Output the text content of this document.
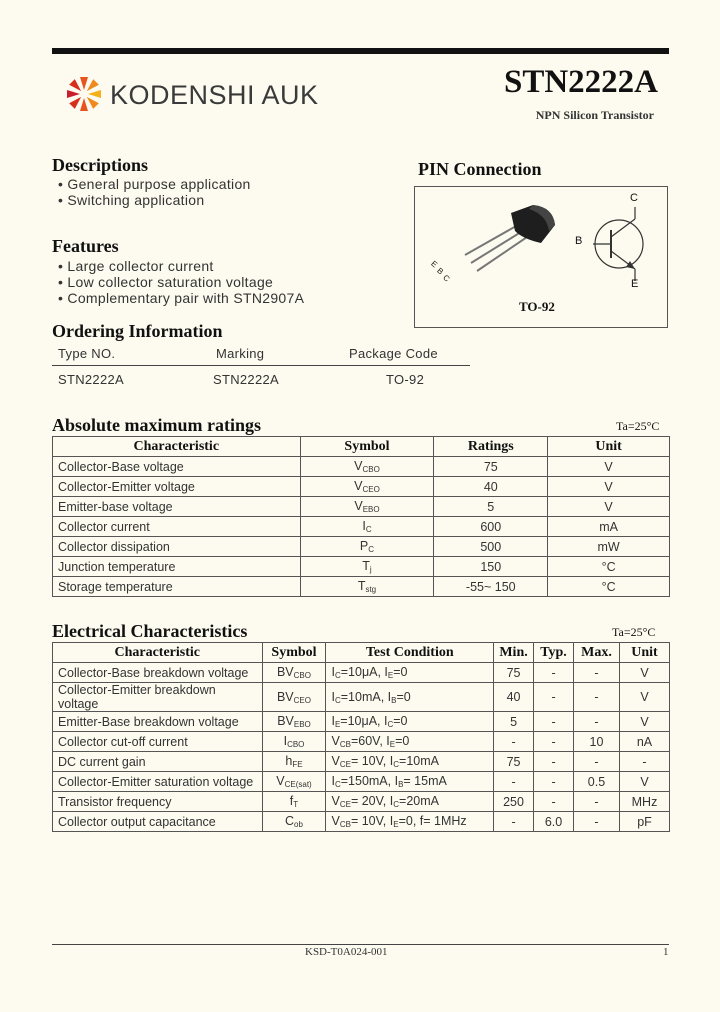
KODENSHI AUK	STN2222A
NPN Silicon Transistor
Descriptions
• General purpose application
• Switching application
Features
• Large collector current
• Low collector saturation voltage
• Complementary pair with STN2907A
PIN Connection
E
B
C
C
B
E
TO-92
Ordering Information
Type NO.	Marking	Package Code
STN2222A	STN2222A	TO-92
Absolute maximum ratings	Ta=25°C
Characteristic	Symbol	Ratings	Unit
Collector-Base voltage	$V_{CBO}$	75	V
Collector-Emitter voltage	$V_{CEO}$	40	V
Emitter-base voltage	$V_{EBO}$	5	V
Collector current	$I_C$	600	mA
Collector dissipation	$P_C$	500	mW
Junction temperature	$T_j$	150	°C
Storage temperature	$T_{stg}$	-55~ 150	°C
Electrical Characteristics	Ta=25°C
Characteristic	Symbol	Test Condition	Min.	Typ.	Max.	Unit
Collector-Base breakdown voltage	$BV_{CBO}$	$I_C=10\mu A$, $I_E=0$	75	-	-	V
Collector-Emitter breakdown voltage	$BV_{CEO}$	$I_C=10mA$, $I_B=0$	40	-	-	V
Emitter-Base breakdown voltage	$BV_{EBO}$	$I_E=10\mu A$, $I_C=0$	5	-	-	V
Collector cut-off current	$I_{CBO}$	$V_{CB}=60V$, $I_E=0$	-	-	10	nA
DC current gain	$h_{FE}$	$V_{CE}= 10V$, $I_C=10mA$	75	-	-	-
Collector-Emitter saturation voltage	$V_{CE(sat)}$	$I_C=150mA$, $I_B= 15mA$	-	-	0.5	V
Transistor frequency	$f_T$	$V_{CE}= 20V$, $I_C=20mA$	250	-	-	MHz
Collector output capacitance	$C_{ob}$	$V_{CB}= 10V$, $I_E=0$, f= 1MHz	-	6.0	-	pF
KSD-T0A024-001	1
